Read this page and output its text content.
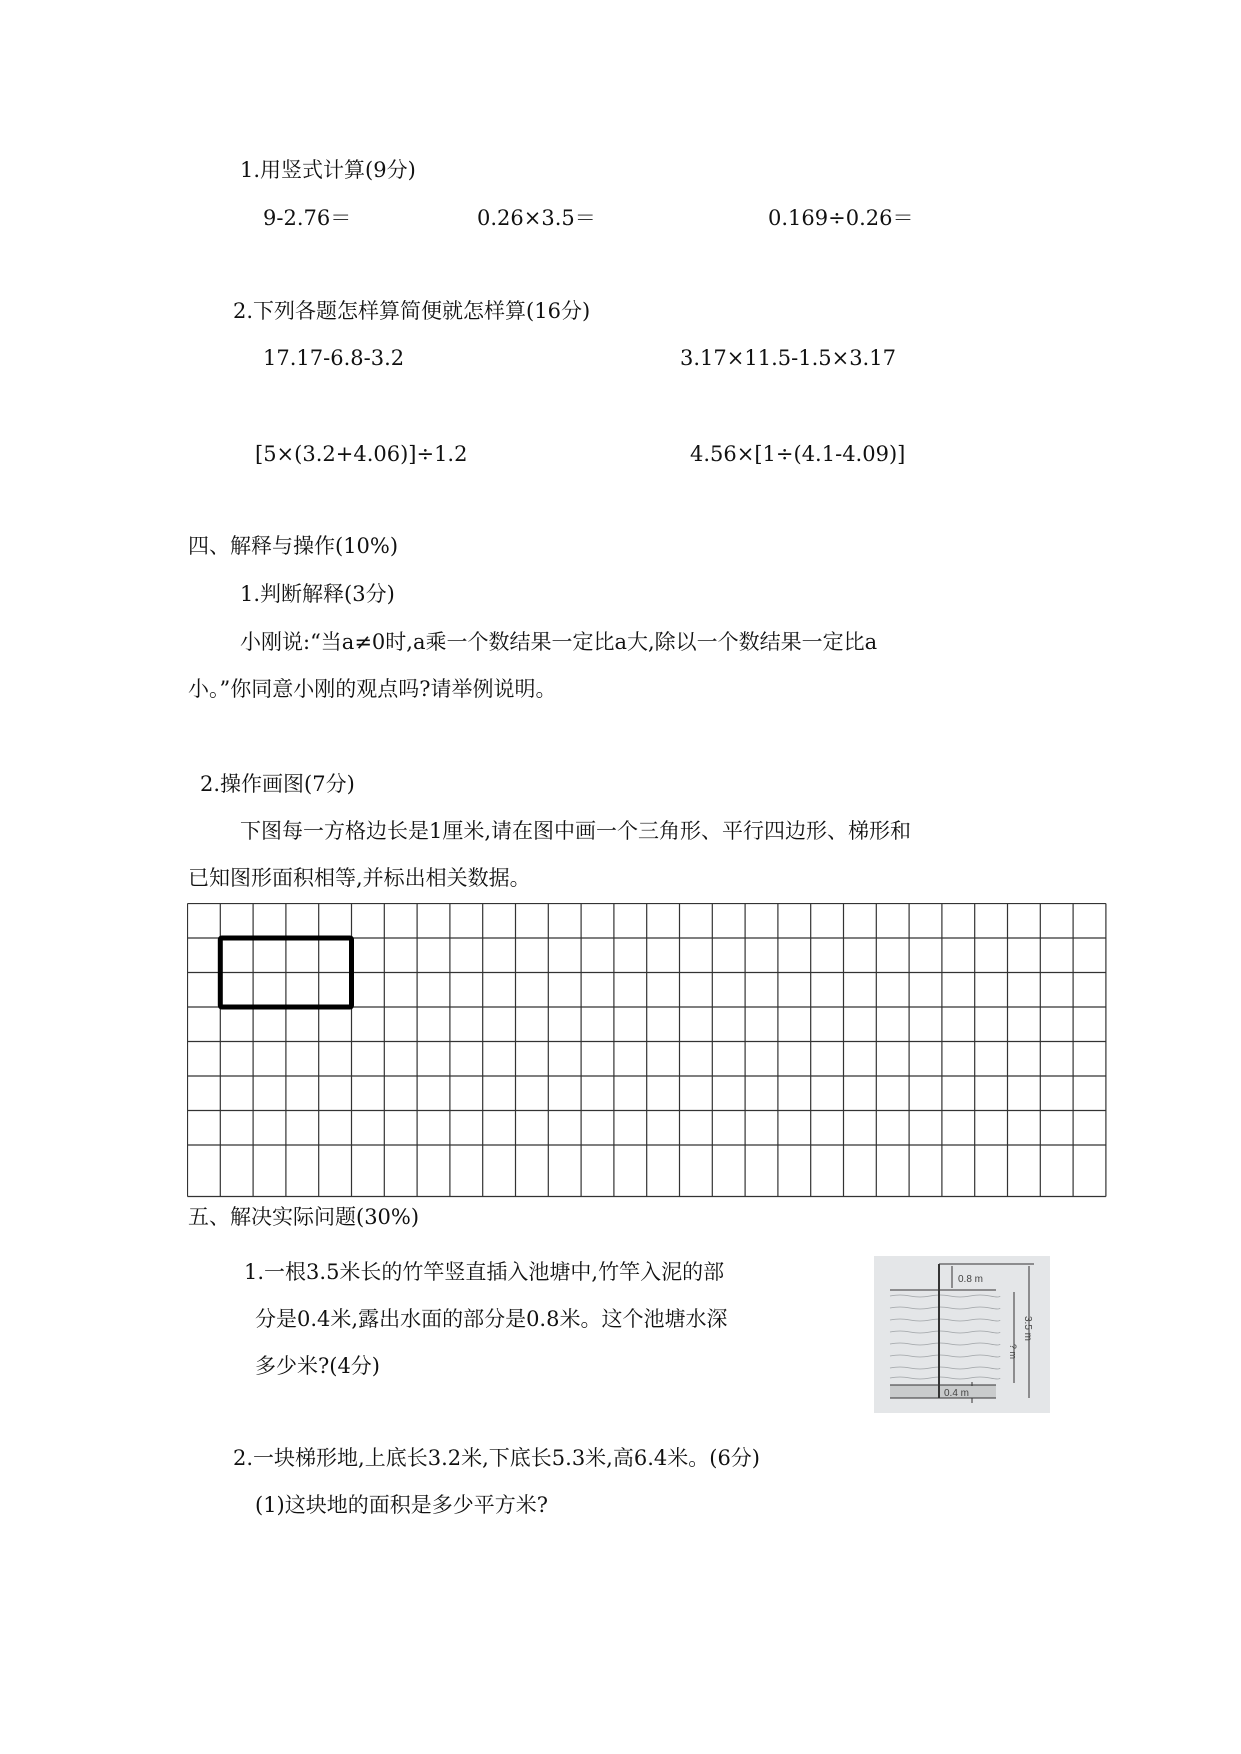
1.用竖式计算(9分)
9-2.76＝	0.26×3.5＝	0.169÷0.26＝
2.下列各题怎样算简便就怎样算(16分)
17.17-6.8-3.2	3.17×11.5-1.5×3.17
[5×(3.2+4.06)]÷1.2	4.56×[1÷(4.1-4.09)]
四、解释与操作(10%)
1.判断解释(3分)
小刚说:“当a≠0时,a乘一个数结果一定比a大,除以一个数结果一定比a
小。”你同意小刚的观点吗?请举例说明。
2.操作画图(7分)
下图每一方格边长是1厘米,请在图中画一个三角形、平行四边形、梯形和
已知图形面积相等,并标出相关数据。
五、解决实际问题(30%)
1.一根3.5米长的竹竿竖直插入池塘中,竹竿入泥的部
分是0.4米,露出水面的部分是0.8米。这个池塘水深
多少米?(4分)
0.8 m
0.4 m
? m
3.5 m
2.一块梯形地,上底长3.2米,下底长5.3米,高6.4米。(6分)
(1)这块地的面积是多少平方米?
